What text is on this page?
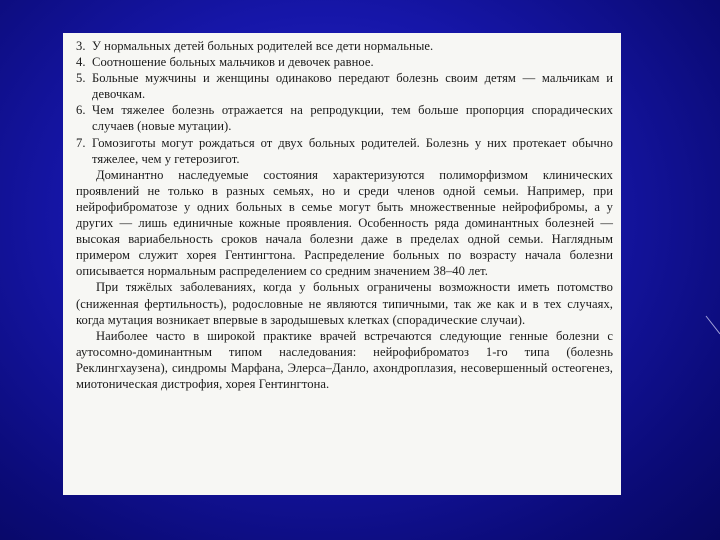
3. У нормальных детей больных родителей все дети нормальные.
4. Соотношение больных мальчиков и девочек равное.
5. Больные мужчины и женщины одинаково передают болезнь своим детям — мальчикам и девочкам.
6. Чем тяжелее болезнь отражается на репродукции, тем больше пропорция спорадических случаев (новые мутации).
7. Гомозиготы могут рождаться от двух больных родителей. Болезнь у них протекает обычно тяжелее, чем у гетерозигот.

Доминантно наследуемые состояния характеризуются полиморфизмом клинических проявлений не только в разных семьях, но и среди членов одной семьи. Например, при нейрофиброматозе у одних больных в семье могут быть множественные нейрофибромы, а у других — лишь единичные кожные проявления. Особенность ряда доминантных болезней — высокая вариабельность сроков начала болезни даже в пределах одной семьи. Наглядным примером служит хорея Гентингтона. Распределение больных по возрасту начала болезни описывается нормальным распределением со средним значением 38–40 лет.

При тяжёлых заболеваниях, когда у больных ограничены возможности иметь потомство (сниженная фертильность), родословные не являются типичными, так же как и в тех случаях, когда мутация возникает впервые в зародышевых клетках (спорадические случаи).

Наиболее часто в широкой практике врачей встречаются следующие генные болезни с аутосомно-доминантным типом наследования: нейрофиброматоз 1-го типа (болезнь Реклингхаузена), синдромы Марфана, Элерса–Данло, ахондроплазия, несовершенный остеогенез, миотоническая дистрофия, хорея Гентингтона.
